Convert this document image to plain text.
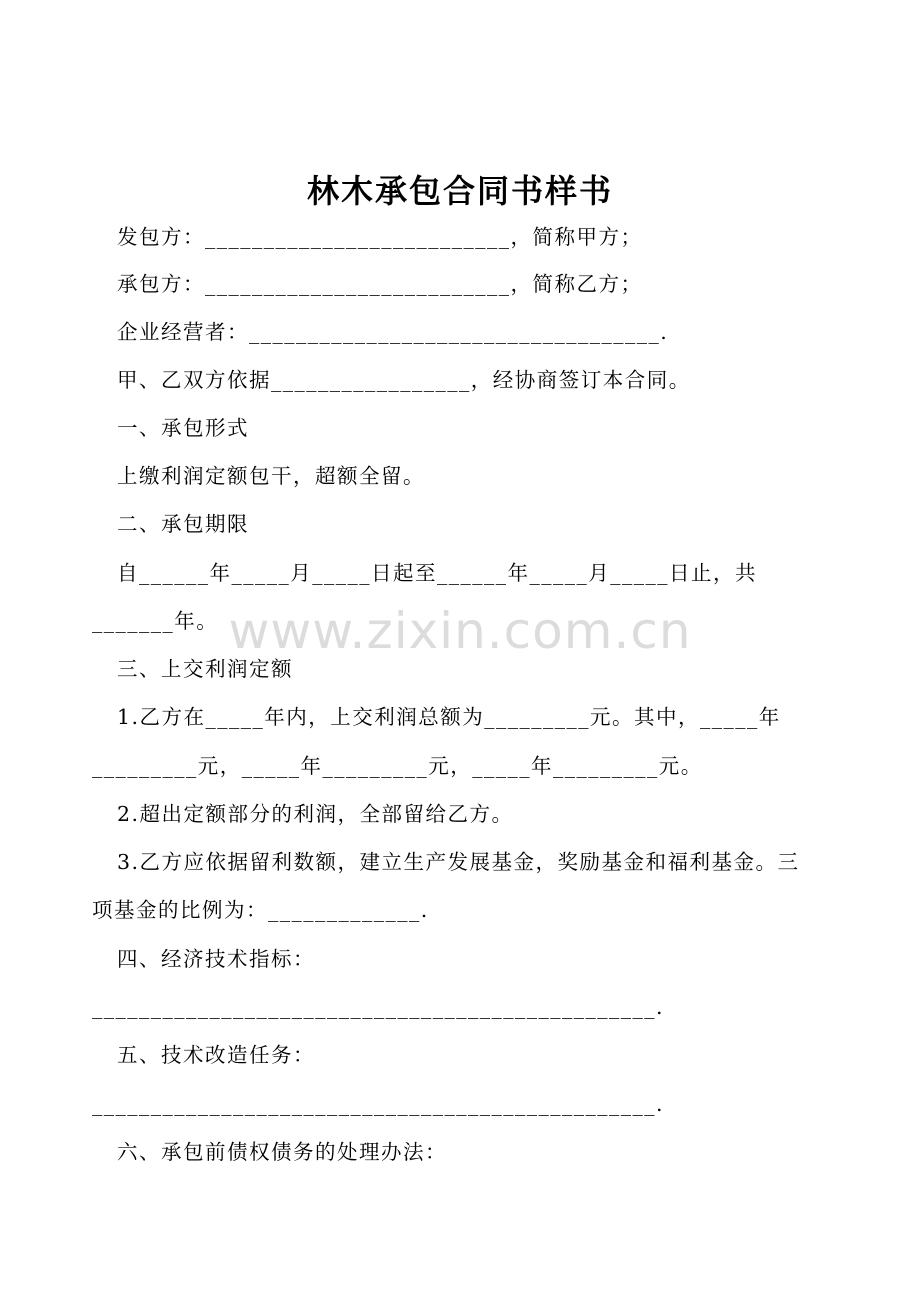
林木承包合同书样书
发包方：__________________________，简称甲方；
承包方：__________________________，简称乙方；
企业经营者：___________________________________.
甲、乙双方依据_________________，经协商签订本合同。
一、承包形式
上缴利润定额包干，超额全留。
二、承包期限
自______年_____月_____日起至______年_____月_____日止，共
_______年。
三、上交利润定额
1.乙方在_____年内，上交利润总额为_________元。其中，_____年
_________元，_____年_________元，_____年_________元。
2.超出定额部分的利润，全部留给乙方。
3.乙方应依据留利数额，建立生产发展基金，奖励基金和福利基金。三
项基金的比例为：_____________.
四、经济技术指标：
________________________________________________.
五、技术改造任务：
________________________________________________.
六、承包前债权债务的处理办法：
www.zixin.com.cn
